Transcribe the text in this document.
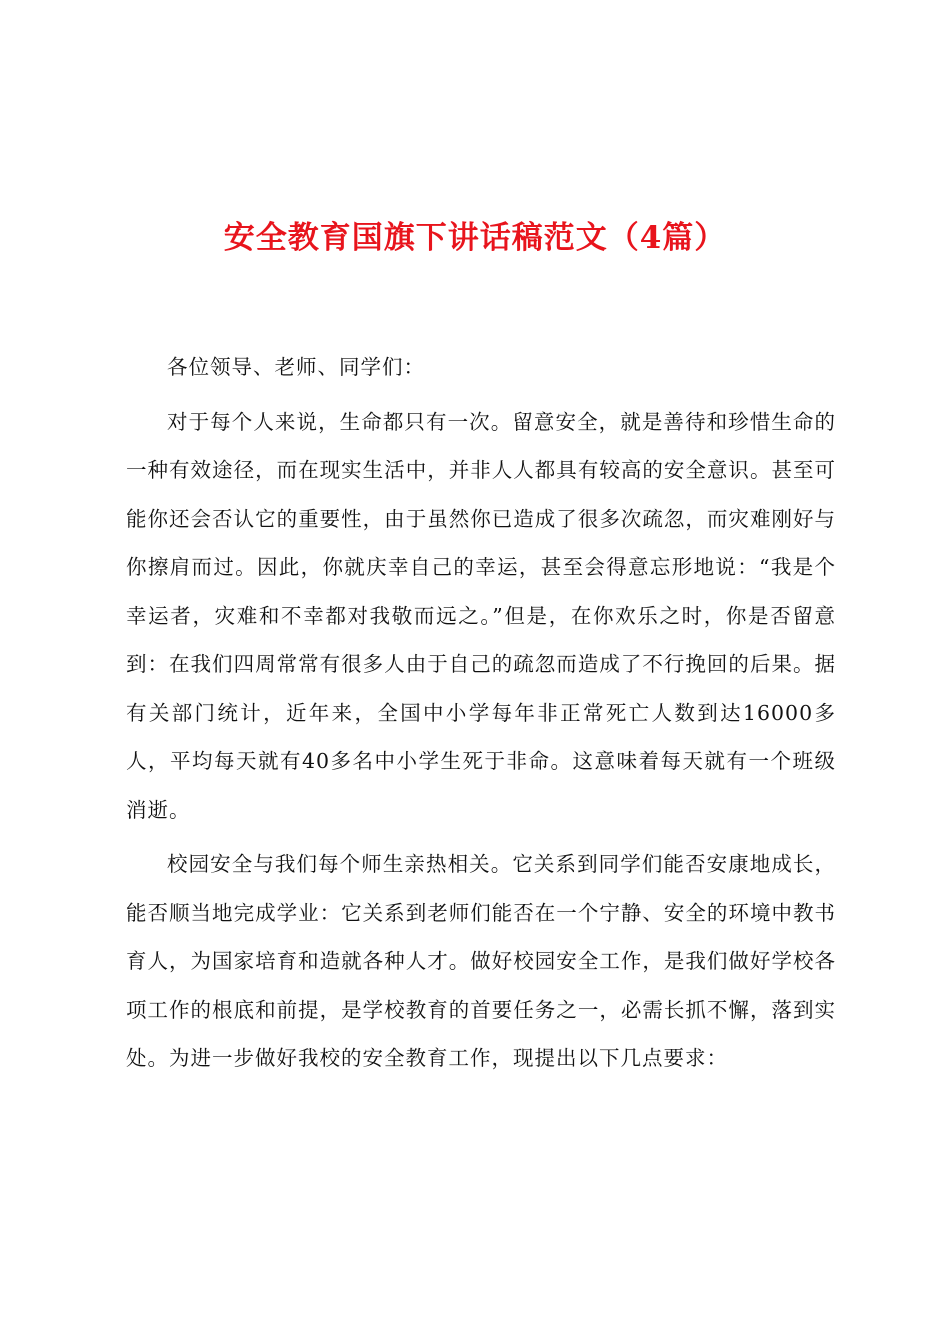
安全教育国旗下讲话稿范文（4篇）

各位领导、老师、同学们：

对于每个人来说，生命都只有一次。留意安全，就是善待和珍惜生命的一种有效途径，而在现实生活中，并非人人都具有较高的安全意识。甚至可能你还会否认它的重要性，由于虽然你已造成了很多次疏忽，而灾难刚好与你擦肩而过。因此，你就庆幸自己的幸运，甚至会得意忘形地说：“我是个幸运者，灾难和不幸都对我敬而远之。”但是，在你欢乐之时，你是否留意到：在我们四周常常有很多人由于自己的疏忽而造成了不行挽回的后果。据有关部门统计，近年来，全国中小学每年非正常死亡人数到达16000多人，平均每天就有40多名中小学生死于非命。这意味着每天就有一个班级消逝。

校园安全与我们每个师生亲热相关。它关系到同学们能否安康地成长，能否顺当地完成学业：它关系到老师们能否在一个宁静、安全的环境中教书育人，为国家培育和造就各种人才。做好校园安全工作，是我们做好学校各项工作的根底和前提，是学校教育的首要任务之一，必需长抓不懈，落到实处。为进一步做好我校的安全教育工作，现提出以下几点要求：
